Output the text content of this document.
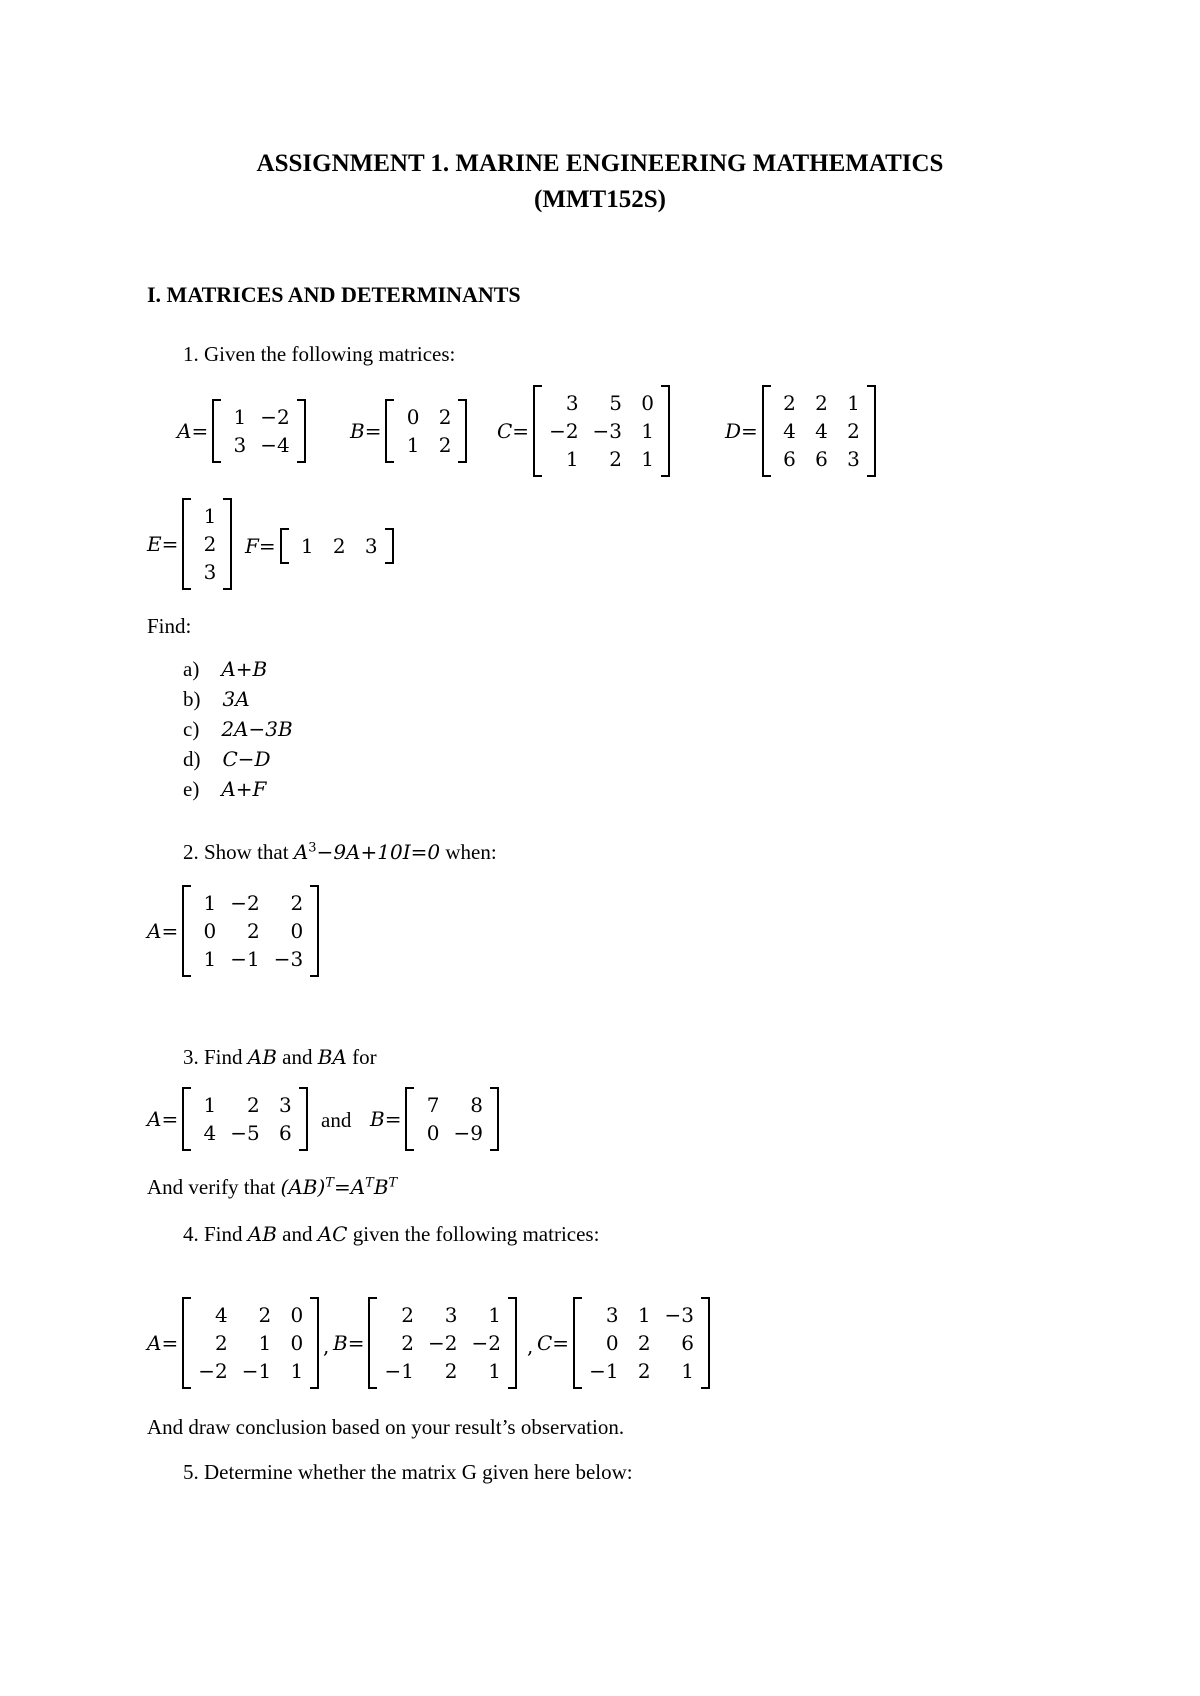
ASSIGNMENT 1. MARINE ENGINEERING MATHEMATICS
(MMT152S)
I. MATRICES AND DETERMINANTS
1. Given the following matrices:
A=
1	−2
3	−4
B=
0	2
1	2
C=
3	5	0
−2	−3	1
1	2	1
D=
2	2	1
4	4	2
6	6	3
E=
1
2
3
F= 1	2	3
Find:
a) A+B
b) 3A
c) 2A−3B
d) C−D
e) A+F
2. Show that $A^3-9A+10I=0$ when:
A=
1	−2	2
0	2	0
1	−1	−3
3. Find AB and BA for
A=
1	2	3
4	−5	6
and B=
7	8
0	−9
And verify that $(AB)^T=A^TB^T$
4. Find AB and AC given the following matrices:
A=
4	2	0
2	1	0
−2	−1	1
, B=
2	3	1
2	−2	−2
−1	2	1
, C=
3	1	−3
0	2	6
−1	2	1
And draw conclusion based on your result’s observation.
5. Determine whether the matrix G given here below:
